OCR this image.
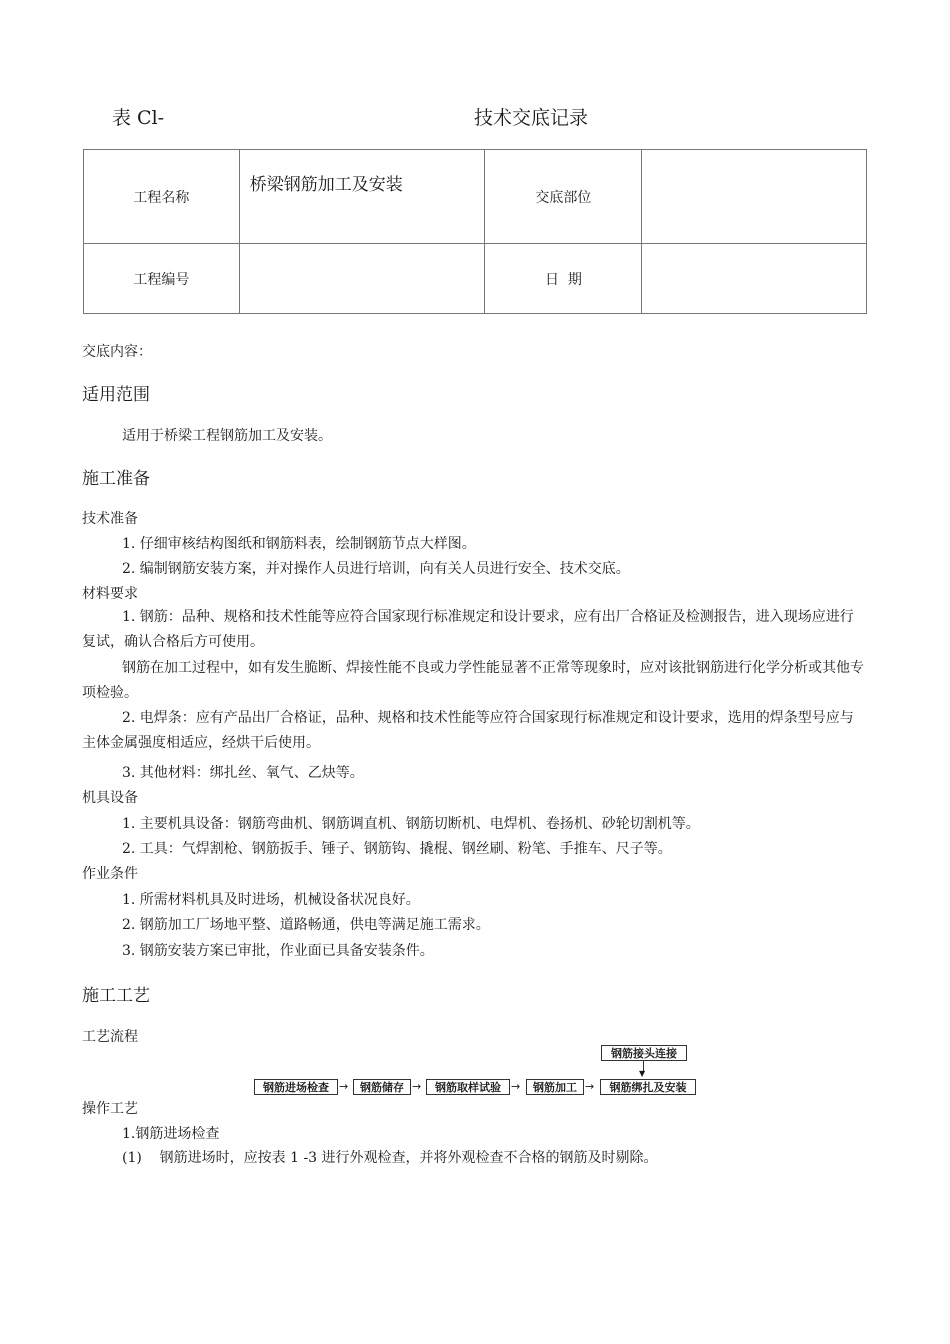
表 Cl-	技术交底记录
工程名称	桥梁钢筋加工及安装	交底部位	
工程编号		日  期	
交底内容：
适用范围
适用于桥梁工程钢筋加工及安装。
施工准备
技术准备
1. 仔细审核结构图纸和钢筋料表，绘制钢筋节点大样图。
2. 编制钢筋安装方案，并对操作人员进行培训，向有关人员进行安全、技术交底。
材料要求
1. 钢筋：品种、规格和技术性能等应符合国家现行标准规定和设计要求，应有出厂合格证及检测报告，进入现场应进行复试，确认合格后方可使用。
钢筋在加工过程中，如有发生脆断、焊接性能不良或力学性能显著不正常等现象时，应对该批钢筋进行化学分析或其他专项检验。
2. 电焊条：应有产品出厂合格证，品种、规格和技术性能等应符合国家现行标准规定和设计要求，选用的焊条型号应与主体金属强度相适应，经烘干后使用。
3. 其他材料：绑扎丝、氧气、乙炔等。
机具设备
1. 主要机具设备：钢筋弯曲机、钢筋调直机、钢筋切断机、电焊机、卷扬机、砂轮切割机等。
2. 工具：气焊割枪、钢筋扳手、锤子、钢筋钩、撬棍、钢丝刷、粉笔、手推车、尺子等。
作业条件
1. 所需材料机具及时进场，机械设备状况良好。
2. 钢筋加工厂场地平整、道路畅通，供电等满足施工需求。
3. 钢筋安装方案已审批，作业面已具备安装条件。
施工工艺
工艺流程
钢筋接头连接
▼
钢筋进场检查 →	钢筋储存 →	钢筋取样试验 →	钢筋加工 →	钢筋绑扎及安装
操作工艺
1.钢筋进场检查
(1)    钢筋进场时，应按表 1 -3 进行外观检查，并将外观检查不合格的钢筋及时剔除。
